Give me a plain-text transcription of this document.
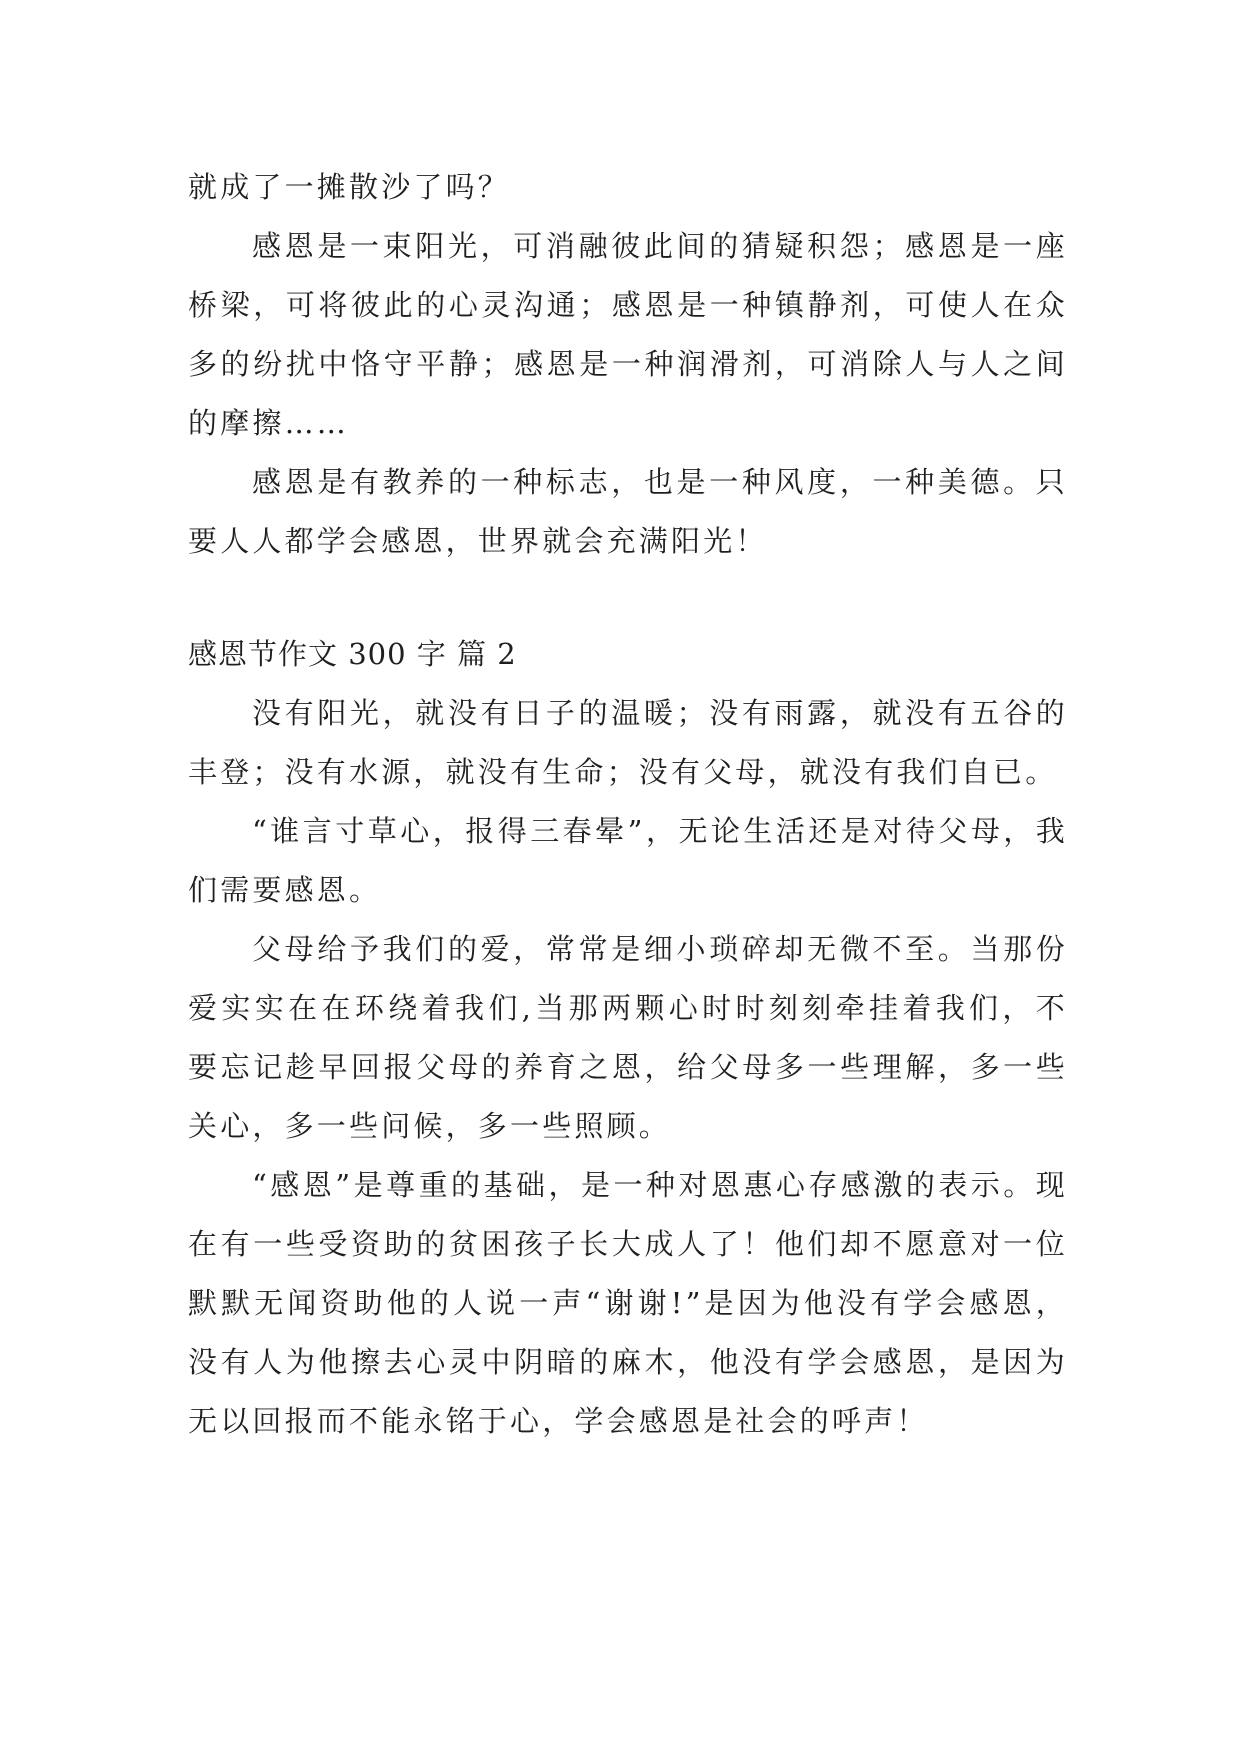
就成了一摊散沙了吗？

感恩是一束阳光，可消融彼此间的猜疑积怨；感恩是一座桥梁，可将彼此的心灵沟通；感恩是一种镇静剂，可使人在众多的纷扰中恪守平静；感恩是一种润滑剂，可消除人与人之间的摩擦……

感恩是有教养的一种标志，也是一种风度，一种美德。只要人人都学会感恩，世界就会充满阳光！

感恩节作文 300 字 篇 2

没有阳光，就没有日子的温暖；没有雨露，就没有五谷的丰登；没有水源，就没有生命；没有父母，就没有我们自已。

“谁言寸草心，报得三春晕”，无论生活还是对待父母，我们需要感恩。

父母给予我们的爱，常常是细小琐碎却无微不至。当那份爱实实在在环绕着我们,当那两颗心时时刻刻牵挂着我们，不要忘记趁早回报父母的养育之恩，给父母多一些理解，多一些关心，多一些问候，多一些照顾。

“感恩”是尊重的基础，是一种对恩惠心存感激的表示。现在有一些受资助的贫困孩子长大成人了！他们却不愿意对一位默默无闻资助他的人说一声“谢谢!”是因为他没有学会感恩，没有人为他擦去心灵中阴暗的麻木，他没有学会感恩，是因为无以回报而不能永铭于心，学会感恩是社会的呼声！
